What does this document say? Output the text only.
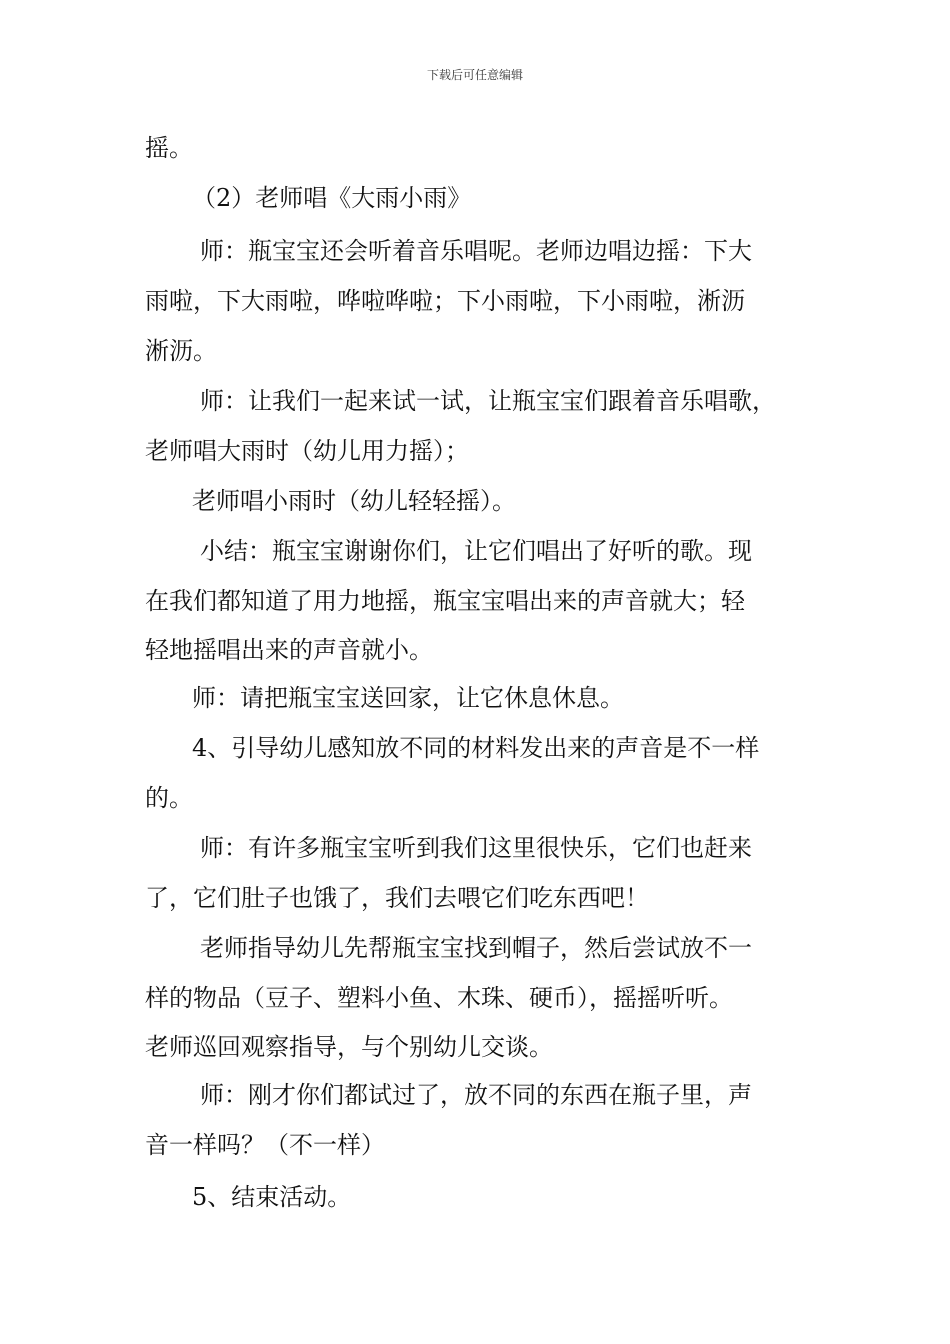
下载后可任意编辑
摇。
（2）老师唱《大雨小雨》
师：瓶宝宝还会听着音乐唱呢。老师边唱边摇：下大
雨啦，下大雨啦，哗啦哗啦；下小雨啦，下小雨啦，淅沥
淅沥。
师：让我们一起来试一试，让瓶宝宝们跟着音乐唱歌，
老师唱大雨时（幼儿用力摇）；
老师唱小雨时（幼儿轻轻摇）。
小结：瓶宝宝谢谢你们，让它们唱出了好听的歌。现
在我们都知道了用力地摇，瓶宝宝唱出来的声音就大；轻
轻地摇唱出来的声音就小。
师：请把瓶宝宝送回家，让它休息休息。
4、引导幼儿感知放不同的材料发出来的声音是不一样
的。
师：有许多瓶宝宝听到我们这里很快乐，它们也赶来
了，它们肚子也饿了，我们去喂它们吃东西吧！
老师指导幼儿先帮瓶宝宝找到帽子，然后尝试放不一
样的物品（豆子、塑料小鱼、木珠、硬币），摇摇听听。
老师巡回观察指导，与个别幼儿交谈。
师：刚才你们都试过了，放不同的东西在瓶子里，声
音一样吗？（不一样）
5、结束活动。
